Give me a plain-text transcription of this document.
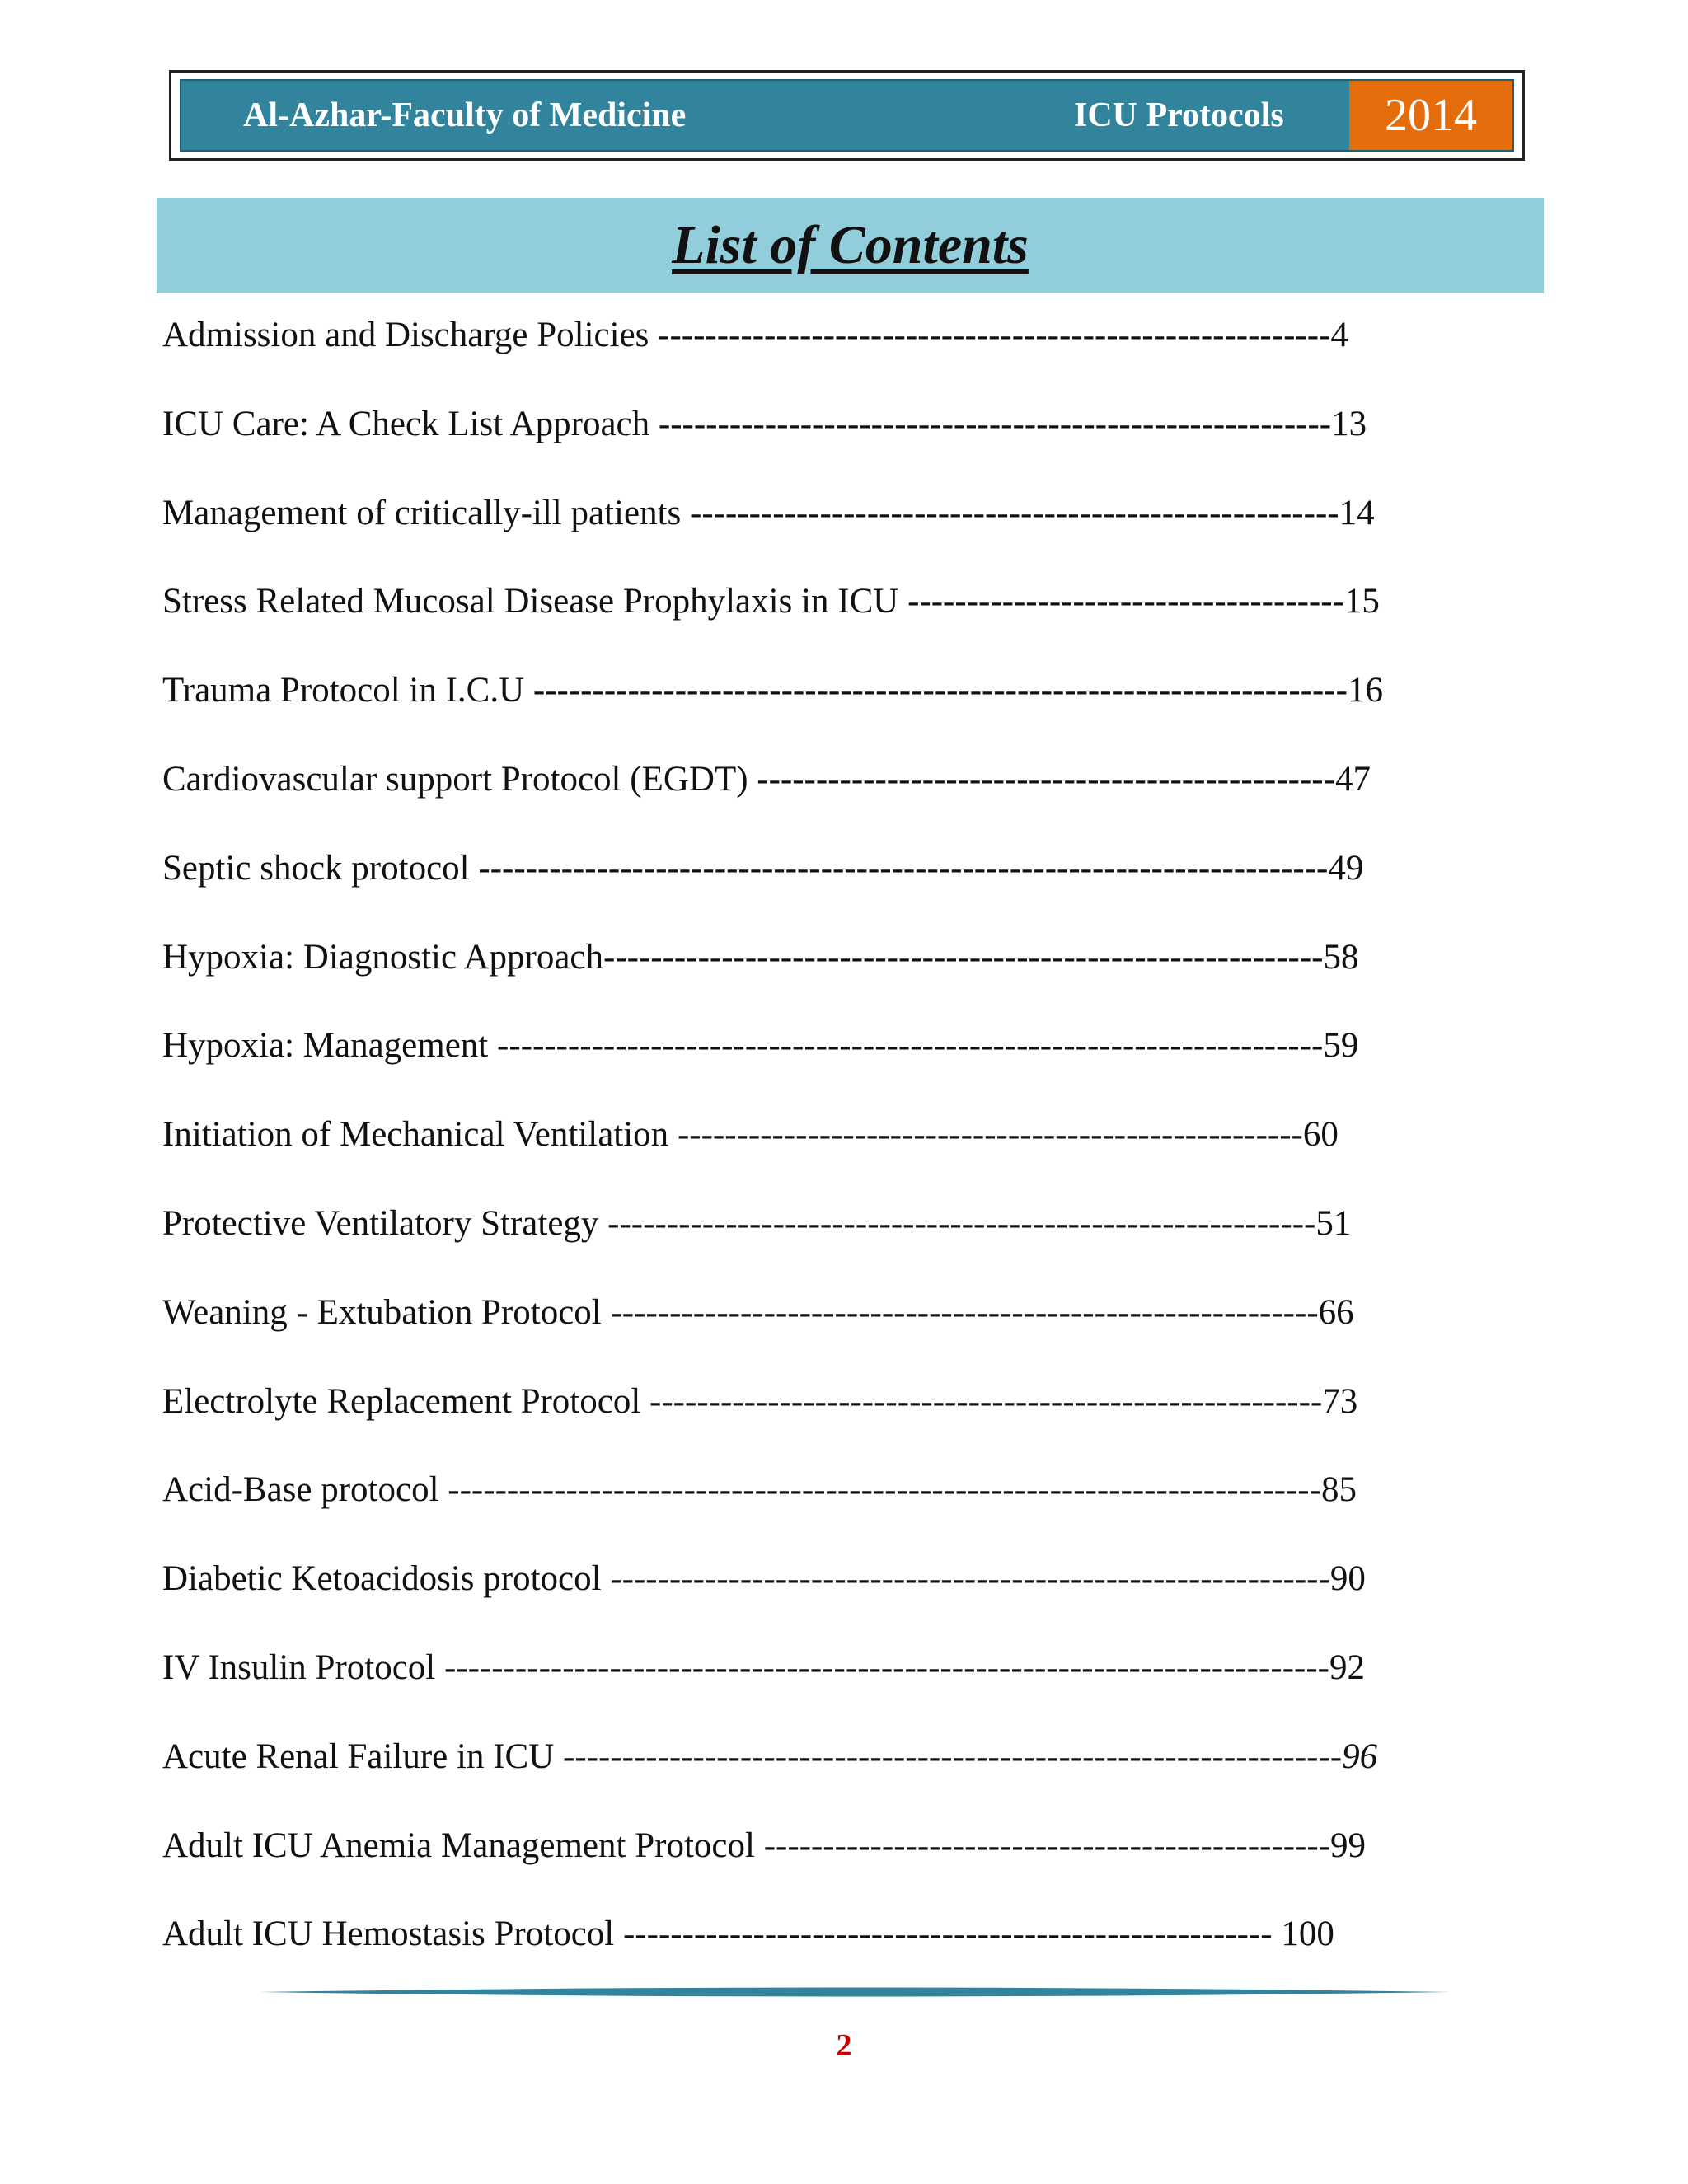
Al-Azhar-Faculty of Medicine	ICU Protocols	2014
List of Contents
Admission and Discharge Policies ---------------------------------------------------------4
ICU Care: A Check List Approach ---------------------------------------------------------13
Management of critically-ill patients -------------------------------------------------------14
Stress Related Mucosal Disease Prophylaxis in ICU -------------------------------------15
Trauma Protocol in I.C.U ---------------------------------------------------------------------16
Cardiovascular support Protocol (EGDT) -------------------------------------------------47
Septic shock protocol ------------------------------------------------------------------------49
Hypoxia: Diagnostic Approach-------------------------------------------------------------58
Hypoxia: Management ----------------------------------------------------------------------59
Initiation of Mechanical Ventilation -----------------------------------------------------60
Protective Ventilatory Strategy ------------------------------------------------------------51
Weaning - Extubation Protocol ------------------------------------------------------------66
Electrolyte Replacement Protocol ---------------------------------------------------------73
Acid-Base protocol --------------------------------------------------------------------------85
Diabetic Ketoacidosis protocol -------------------------------------------------------------90
IV Insulin Protocol ---------------------------------------------------------------------------92
Acute Renal Failure in ICU ------------------------------------------------------------------96
Adult ICU Anemia Management Protocol ------------------------------------------------99
Adult ICU Hemostasis Protocol ------------------------------------------------------- 100
2
